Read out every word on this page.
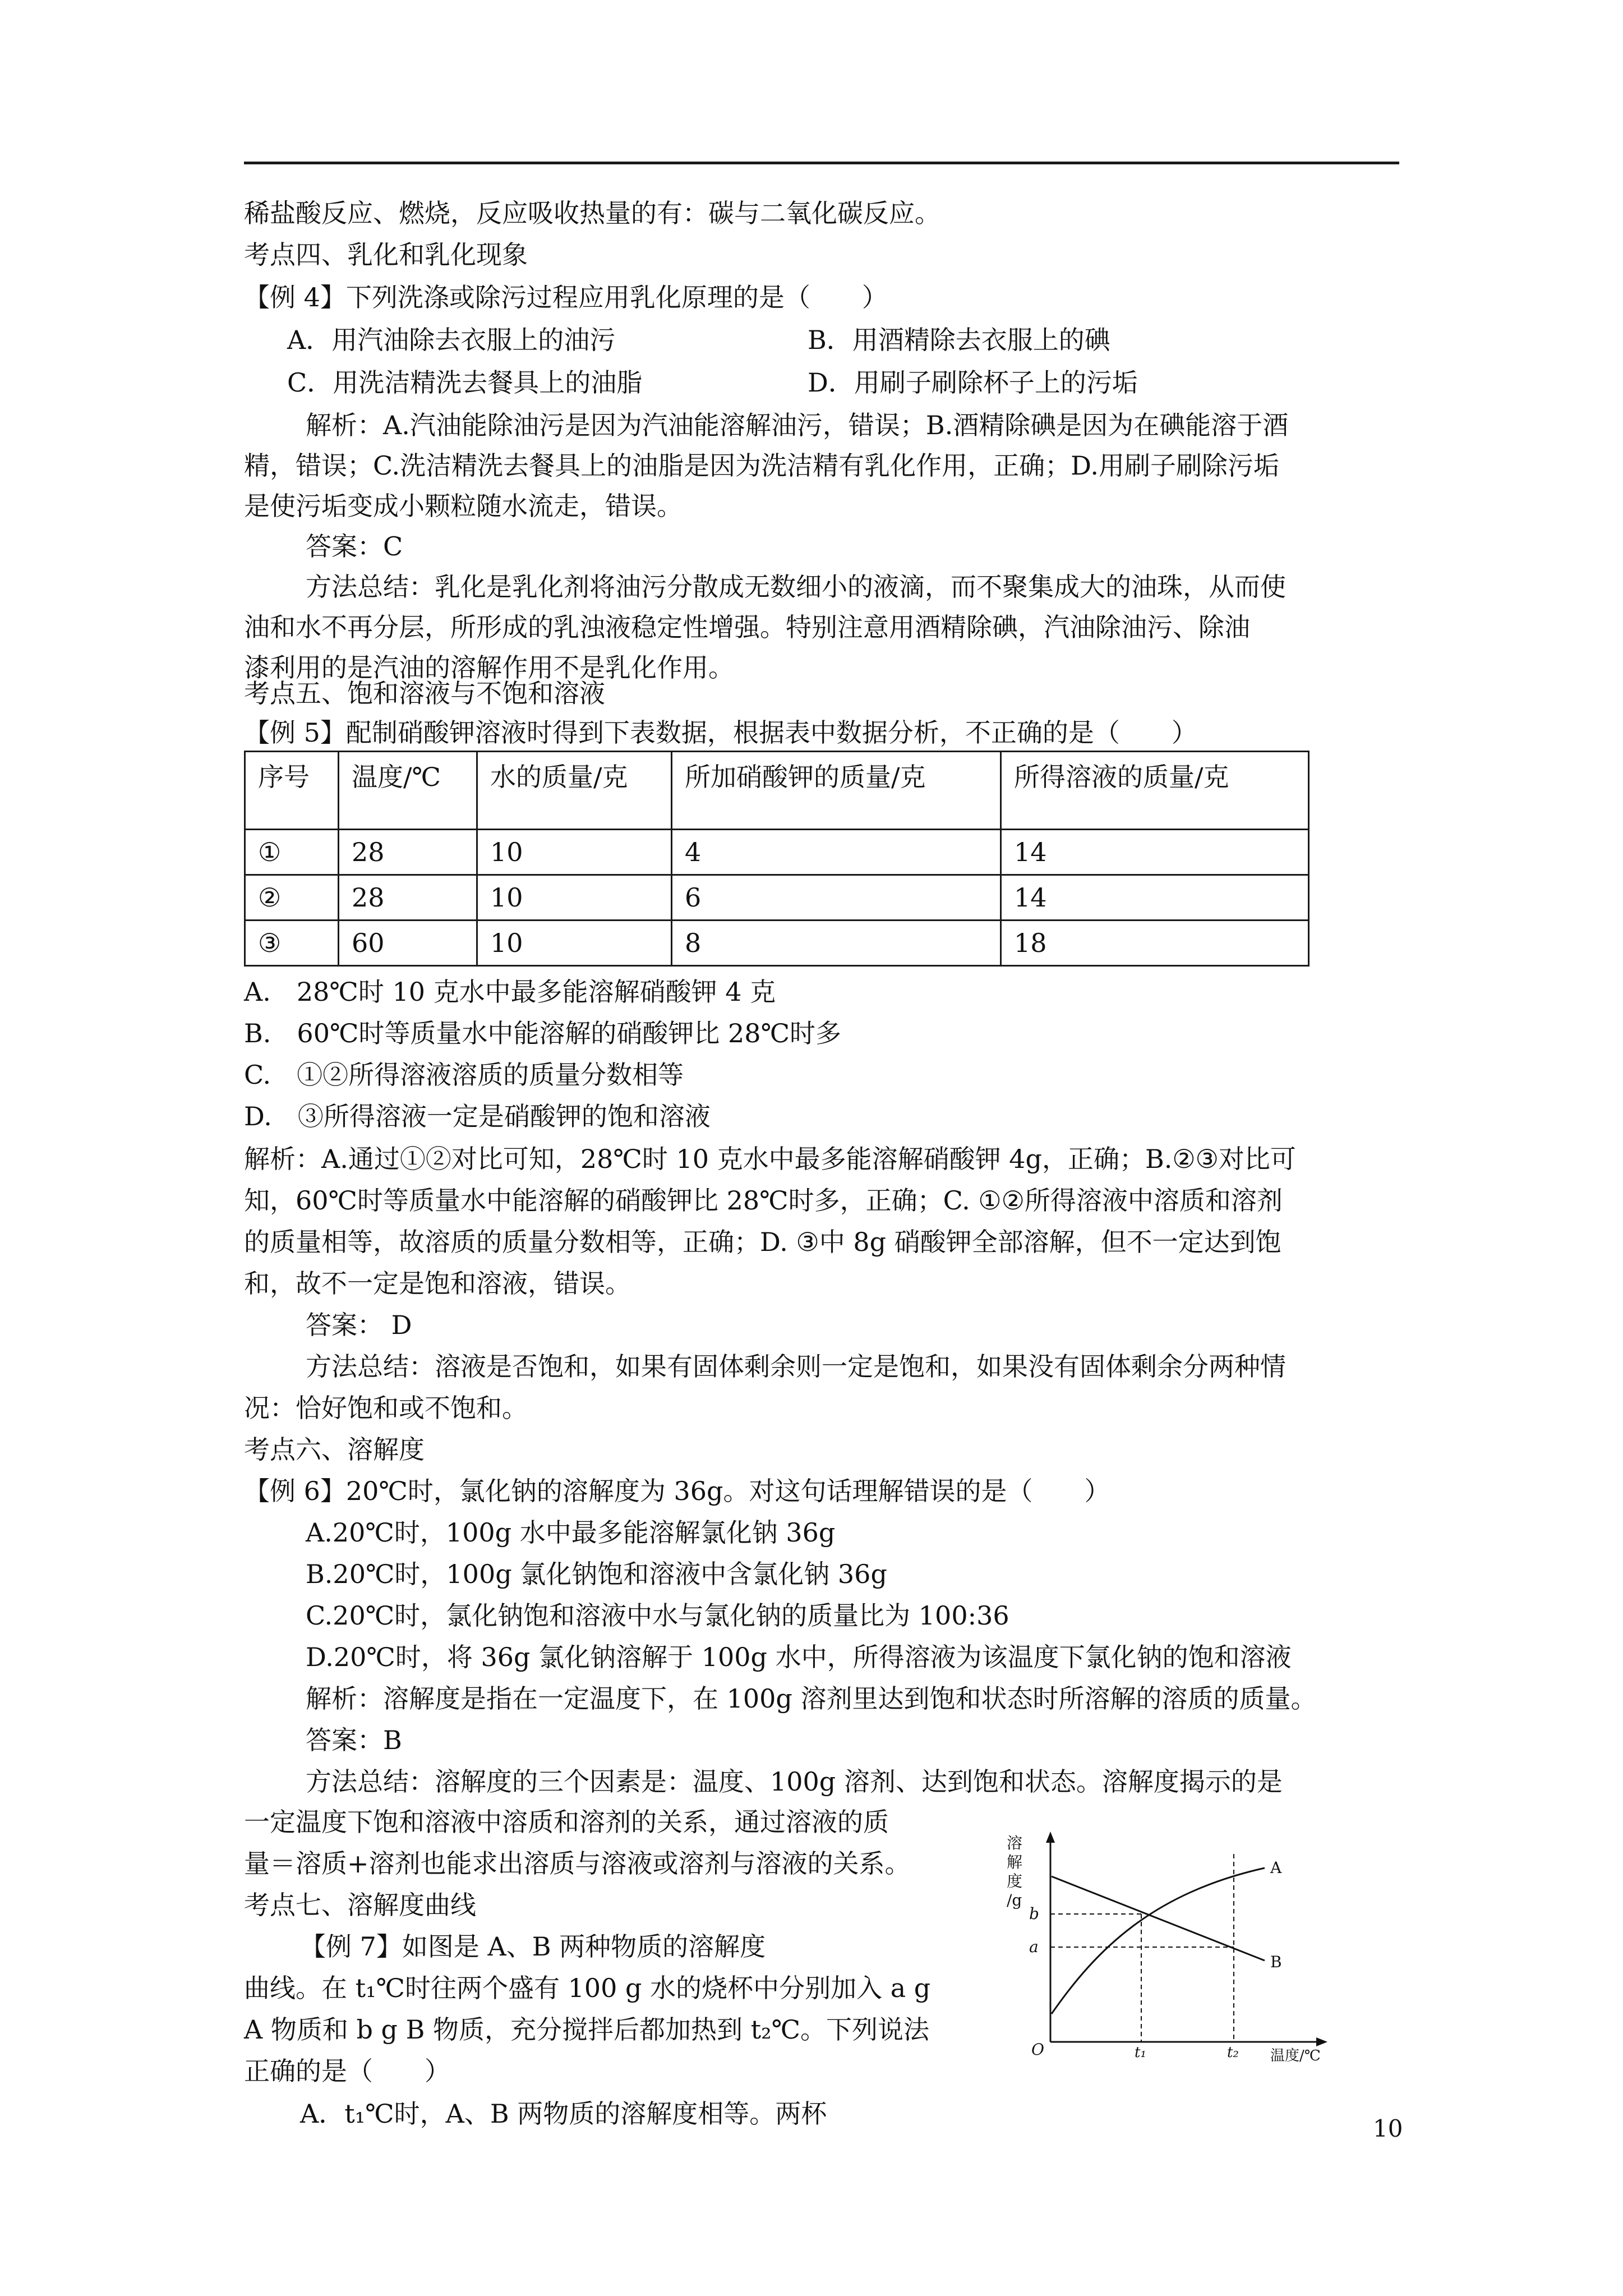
稀盐酸反应、燃烧，反应吸收热量的有：碳与二氧化碳反应。
考点四、乳化和乳化现象
【例 4】下列洗涤或除污过程应用乳化原理的是（　　）
A．用汽油除去衣服上的油污	B．用酒精除去衣服上的碘
C．用洗洁精洗去餐具上的油脂	D．用刷子刷除杯子上的污垢
解析：A.汽油能除油污是因为汽油能溶解油污，错误；B.酒精除碘是因为在碘能溶于酒
精，错误；C.洗洁精洗去餐具上的油脂是因为洗洁精有乳化作用，正确；D.用刷子刷除污垢
是使污垢变成小颗粒随水流走，错误。
答案：C
方法总结：乳化是乳化剂将油污分散成无数细小的液滴，而不聚集成大的油珠，从而使
油和水不再分层，所形成的乳浊液稳定性增强。特别注意用酒精除碘，汽油除油污、除油
漆利用的是汽油的溶解作用不是乳化作用。
考点五、饱和溶液与不饱和溶液
【例 5】配制硝酸钾溶液时得到下表数据，根据表中数据分析，不正确的是（　　）
序号	温度/℃	水的质量/克	所加硝酸钾的质量/克	所得溶液的质量/克
①	28	10	4	14
②	28	10	6	14
③	60	10	8	18
A.　28℃时 10 克水中最多能溶解硝酸钾 4 克
B.　60℃时等质量水中能溶解的硝酸钾比 28℃时多
C.　①②所得溶液溶质的质量分数相等
D.　③所得溶液一定是硝酸钾的饱和溶液
解析：A.通过①②对比可知，28℃时 10 克水中最多能溶解硝酸钾 4g，正确；B.②③对比可
知，60℃时等质量水中能溶解的硝酸钾比 28℃时多，正确；C. ①②所得溶液中溶质和溶剂
的质量相等，故溶质的质量分数相等，正确；D. ③中 8g 硝酸钾全部溶解，但不一定达到饱
和，故不一定是饱和溶液，错误。
答案： D
方法总结：溶液是否饱和，如果有固体剩余则一定是饱和，如果没有固体剩余分两种情
况：恰好饱和或不饱和。
考点六、溶解度
【例 6】20℃时，氯化钠的溶解度为 36g。对这句话理解错误的是（　　）
A.20℃时，100g 水中最多能溶解氯化钠 36g
B.20℃时，100g 氯化钠饱和溶液中含氯化钠 36g
C.20℃时，氯化钠饱和溶液中水与氯化钠的质量比为 100:36
D.20℃时，将 36g 氯化钠溶解于 100g 水中，所得溶液为该温度下氯化钠的饱和溶液
解析：溶解度是指在一定温度下，在 100g 溶剂里达到饱和状态时所溶解的溶质的质量。
答案：B
方法总结：溶解度的三个因素是：温度、100g 溶剂、达到饱和状态。溶解度揭示的是
一定温度下饱和溶液中溶质和溶剂的关系，通过溶液的质
量＝溶质+溶剂也能求出溶质与溶液或溶剂与溶液的关系。
考点七、溶解度曲线
【例 7】如图是 A、B 两种物质的溶解度
曲线。在 t₁℃时往两个盛有 100 g 水的烧杯中分别加入 a g
A 物质和 b g B 物质，充分搅拌后都加热到 t₂℃。下列说法
正确的是（　　）
A．t₁℃时，A、B 两物质的溶解度相等。两杯
溶
解
度
/g
A
B
b
a
O	t₁	t₂ 温度/℃
10
